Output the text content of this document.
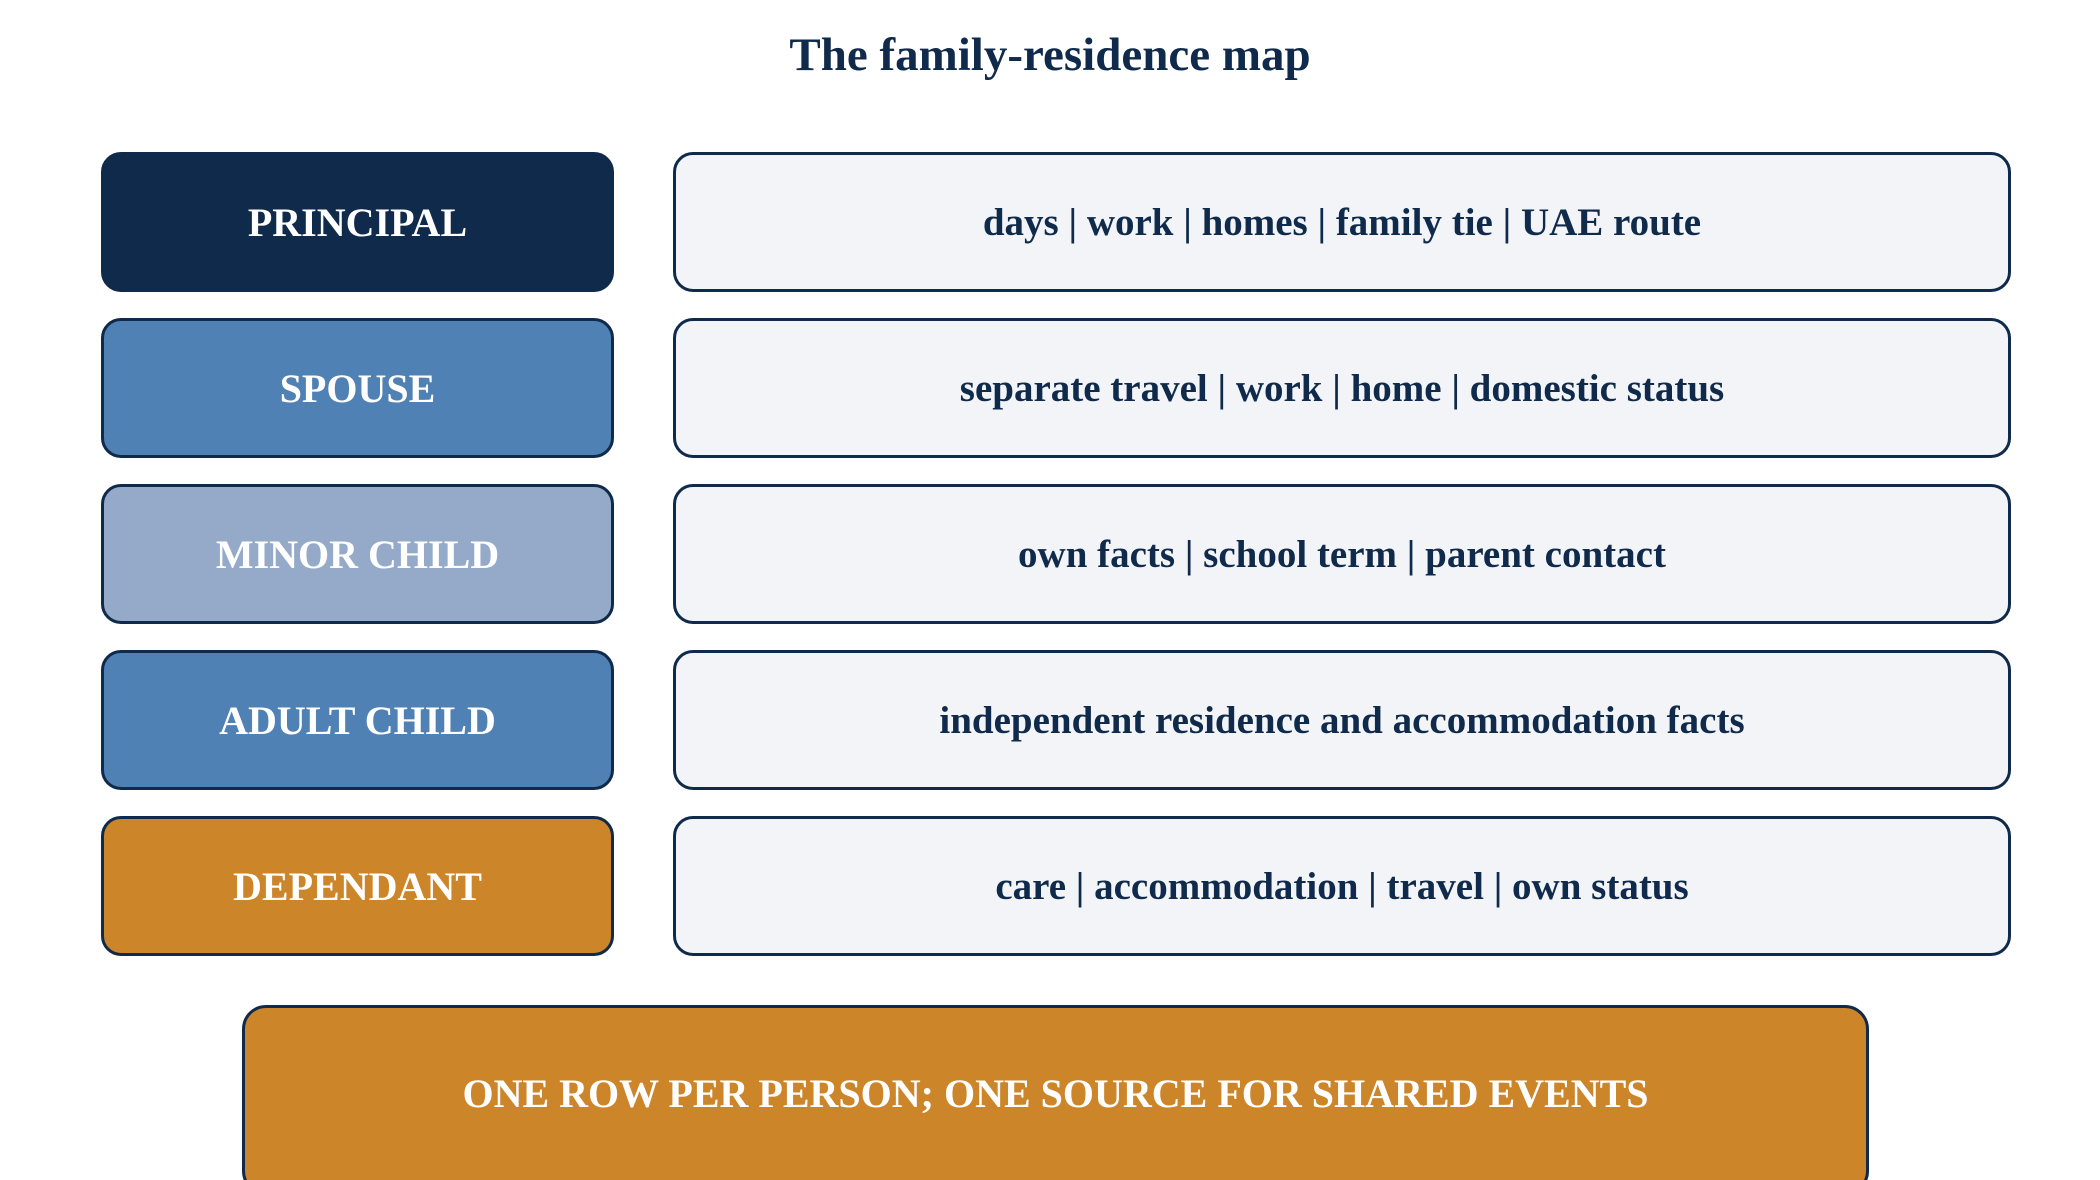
The family-residence map
PRINCIPAL	days | work | homes | family tie | UAE route
SPOUSE	separate travel | work | home | domestic status
MINOR CHILD	own facts | school term | parent contact
ADULT CHILD	independent residence and accommodation facts
DEPENDANT	care | accommodation | travel | own status
ONE ROW PER PERSON; ONE SOURCE FOR SHARED EVENTS
